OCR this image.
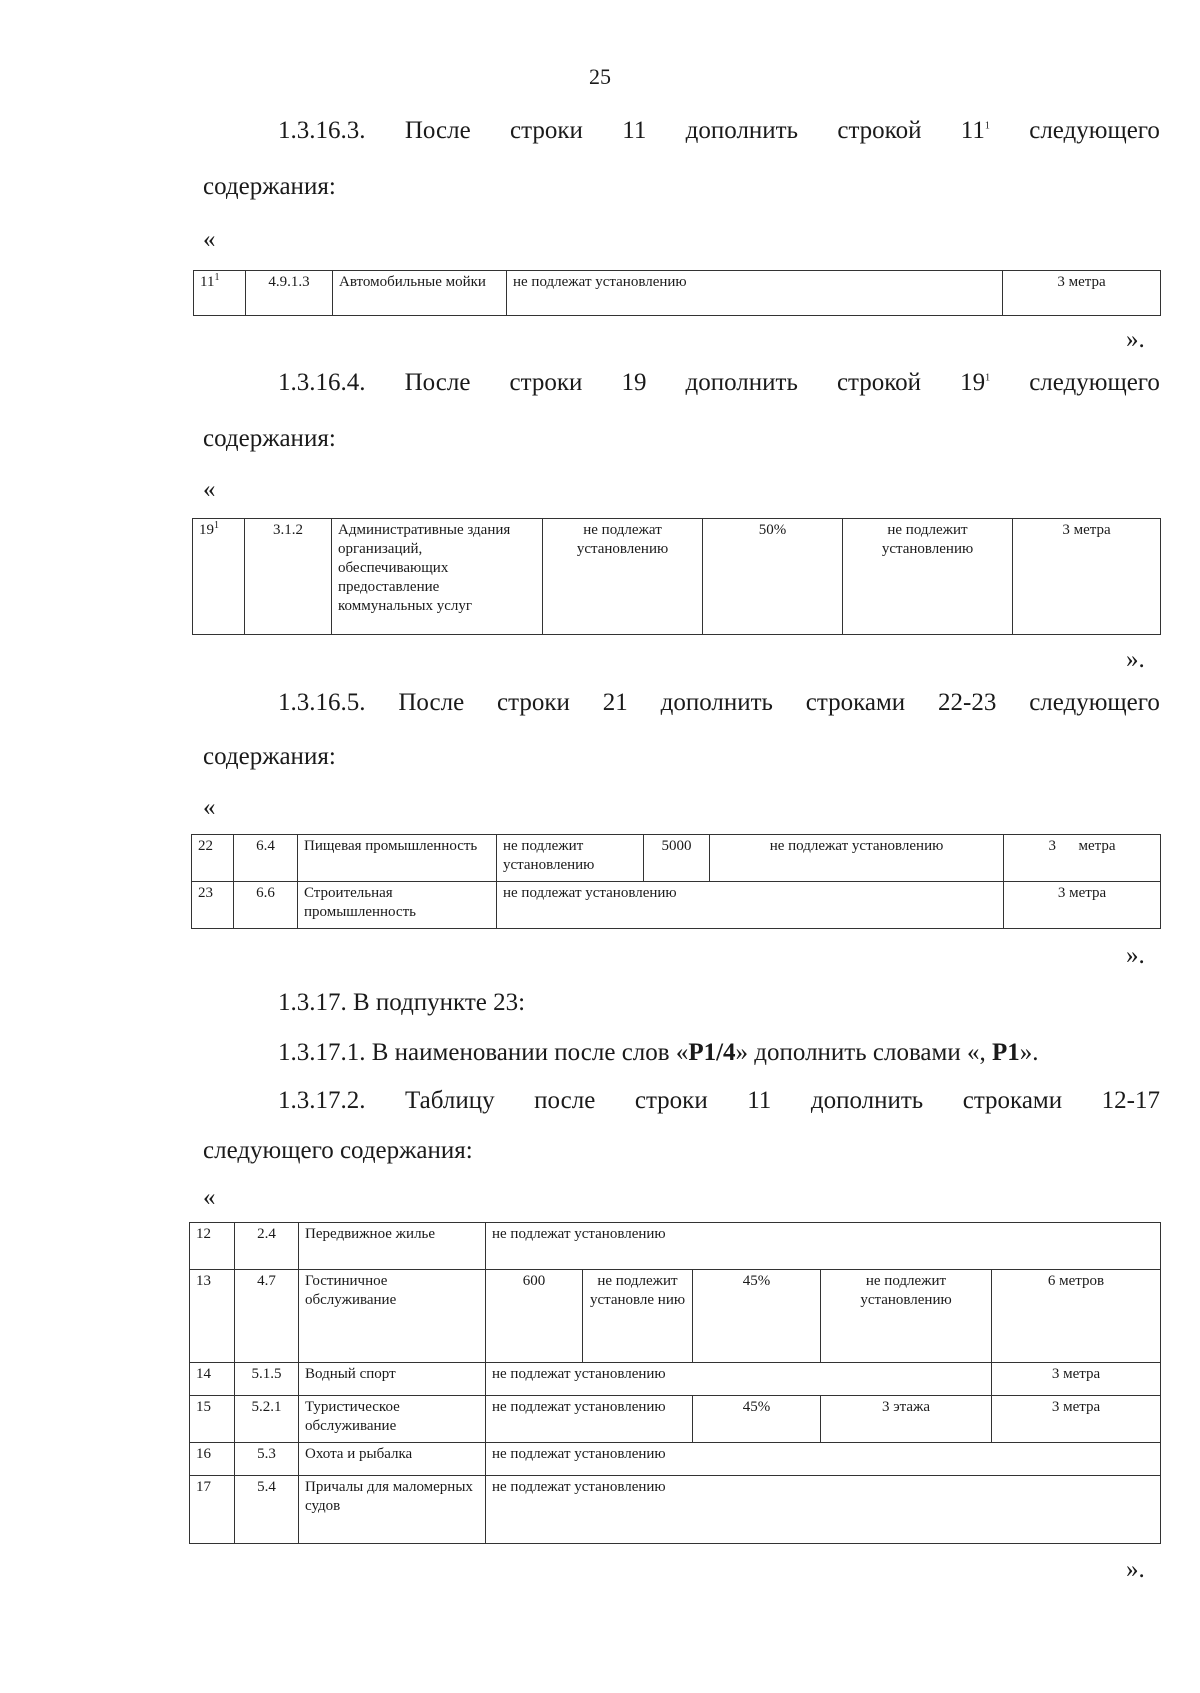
25
1.3.16.3. После строки 11 дополнить строкой $11^1$ следующего
содержания:
«
$11^1$	4.9.1.3	Автомобильные мойки	не подлежат установлению	3 метра
».
1.3.16.4. После строки 19 дополнить строкой $19^1$ следующего
содержания:
«
$19^1$	3.1.2	Административные здания организаций, обеспечивающих предоставление коммунальных услуг	не подлежат установлению	50%	не подлежит установлению	3 метра
».
1.3.16.5. После строки 21 дополнить строками 22-23 следующего
содержания:
«
22	6.4	Пищевая промышленность	не подлежит установлению	5000	не подлежат установлению	3      метра
23	6.6	Строительная промышленность	не подлежат установлению			3 метра
».
1.3.17. В подпункте 23:
1.3.17.1. В наименовании после слов «Р1/4» дополнить словами «, Р1».
1.3.17.2. Таблицу после строки 11 дополнить строками 12-17
следующего содержания:
«
12	2.4	Передвижное жилье	не подлежат установлению				
13	4.7	Гостиничное обслуживание	600	не подлежит установле нию	45%	не подлежит установлению	6 метров
14	5.1.5	Водный спорт	не подлежат установлению				3 метра
15	5.2.1	Туристическое обслуживание	не подлежат установлению		45%	3 этажа	3 метра
16	5.3	Охота и рыбалка	не подлежат установлению				
17	5.4	Причалы для маломерных судов	не подлежат установлению				
».
